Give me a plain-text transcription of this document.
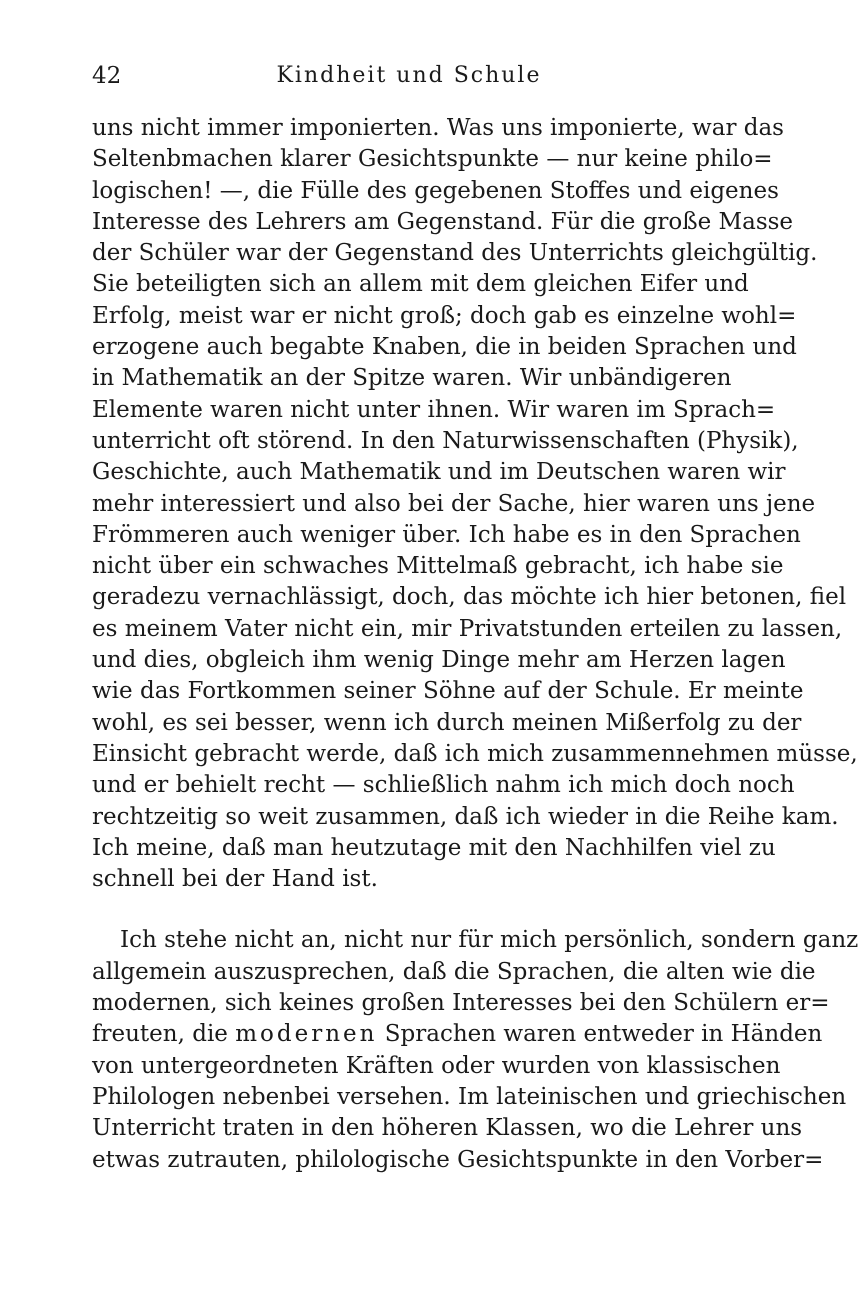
42	Kindheit und Schule

uns nicht immer imponierten. Was uns imponierte, war das
Seltenbmachen klarer Gesichtspunkte — nur keine philo=
logischen! —, die Fülle des gegebenen Stoffes und eigenes
Interesse des Lehrers am Gegenstand. Für die große Masse
der Schüler war der Gegenstand des Unterrichts gleichgültig.
Sie beteiligten sich an allem mit dem gleichen Eifer und
Erfolg, meist war er nicht groß; doch gab es einzelne wohl=
erzogene auch begabte Knaben, die in beiden Sprachen und
in Mathematik an der Spitze waren. Wir unbändigeren
Elemente waren nicht unter ihnen. Wir waren im Sprach=
unterricht oft störend. In den Naturwissenschaften (Physik),
Geschichte, auch Mathematik und im Deutschen waren wir
mehr interessiert und also bei der Sache, hier waren uns jene
Frömmeren auch weniger über. Ich habe es in den Sprachen
nicht über ein schwaches Mittelmaß gebracht, ich habe sie
geradezu vernachlässigt, doch, das möchte ich hier betonen, fiel
es meinem Vater nicht ein, mir Privatstunden erteilen zu lassen,
und dies, obgleich ihm wenig Dinge mehr am Herzen lagen
wie das Fortkommen seiner Söhne auf der Schule. Er meinte
wohl, es sei besser, wenn ich durch meinen Mißerfolg zu der
Einsicht gebracht werde, daß ich mich zusammennehmen müsse,
und er behielt recht — schließlich nahm ich mich doch noch
rechtzeitig so weit zusammen, daß ich wieder in die Reihe kam.
Ich meine, daß man heutzutage mit den Nachhilfen viel zu
schnell bei der Hand ist.

Ich stehe nicht an, nicht nur für mich persönlich, sondern ganz
allgemein auszusprechen, daß die Sprachen, die alten wie die
modernen, sich keines großen Interesses bei den Schülern er=
freuten, die modernen Sprachen waren entweder in Händen
von untergeordneten Kräften oder wurden von klassischen
Philologen nebenbei versehen. Im lateinischen und griechischen
Unterricht traten in den höheren Klassen, wo die Lehrer uns
etwas zutrauten, philologische Gesichtspunkte in den Vorber=
